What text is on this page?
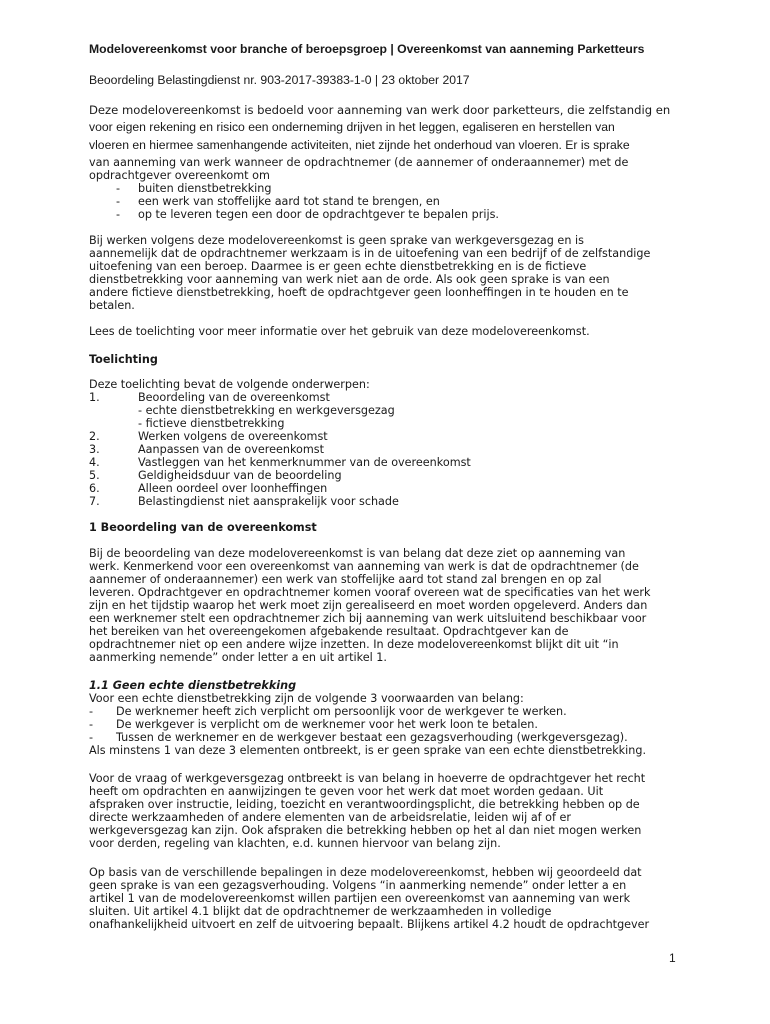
Modelovereenkomst voor branche of beroepsgroep | Overeenkomst van aanneming Parketteurs
Beoordeling Belastingdienst nr. 903-2017-39383-1-0 | 23 oktober 2017
Deze modelovereenkomst is bedoeld voor aanneming van werk door parketteurs, die zelfstandig en
voor eigen rekening en risico een onderneming drijven in het leggen, egaliseren en herstellen van
vloeren en hiermee samenhangende activiteiten, niet zijnde het onderhoud van vloeren. Er is sprake
van aanneming van werk wanneer de opdrachtnemer (de aannemer of onderaannemer) met de
opdrachtgever overeenkomt om
- buiten dienstbetrekking
- een werk van stoffelijke aard tot stand te brengen, en
- op te leveren tegen een door de opdrachtgever te bepalen prijs.
Bij werken volgens deze modelovereenkomst is geen sprake van werkgeversgezag en is
aannemelijk dat de opdrachtnemer werkzaam is in de uitoefening van een bedrijf of de zelfstandige
uitoefening van een beroep. Daarmee is er geen echte dienstbetrekking en is de fictieve
dienstbetrekking voor aanneming van werk niet aan de orde. Als ook geen sprake is van een
andere fictieve dienstbetrekking, hoeft de opdrachtgever geen loonheffingen in te houden en te
betalen.
Lees de toelichting voor meer informatie over het gebruik van deze modelovereenkomst.
Toelichting
Deze toelichting bevat de volgende onderwerpen:
1.	Beoordeling van de overeenkomst
- echte dienstbetrekking en werkgeversgezag
- fictieve dienstbetrekking
2.	Werken volgens de overeenkomst
3.	Aanpassen van de overeenkomst
4.	Vastleggen van het kenmerknummer van de overeenkomst
5.	Geldigheidsduur van de beoordeling
6.	Alleen oordeel over loonheffingen
7.	Belastingdienst niet aansprakelijk voor schade
1 Beoordeling van de overeenkomst
Bij de beoordeling van deze modelovereenkomst is van belang dat deze ziet op aanneming van
werk. Kenmerkend voor een overeenkomst van aanneming van werk is dat de opdrachtnemer (de
aannemer of onderaannemer) een werk van stoffelijke aard tot stand zal brengen en op zal
leveren. Opdrachtgever en opdrachtnemer komen vooraf overeen wat de specificaties van het werk
zijn en het tijdstip waarop het werk moet zijn gerealiseerd en moet worden opgeleverd. Anders dan
een werknemer stelt een opdrachtnemer zich bij aanneming van werk uitsluitend beschikbaar voor
het bereiken van het overeengekomen afgebakende resultaat. Opdrachtgever kan de
opdrachtnemer niet op een andere wijze inzetten. In deze modelovereenkomst blijkt dit uit “in
aanmerking nemende” onder letter a en uit artikel 1.
1.1 Geen echte dienstbetrekking
Voor een echte dienstbetrekking zijn de volgende 3 voorwaarden van belang:
- De werknemer heeft zich verplicht om persoonlijk voor de werkgever te werken.
- De werkgever is verplicht om de werknemer voor het werk loon te betalen.
- Tussen de werknemer en de werkgever bestaat een gezagsverhouding (werkgeversgezag).
Als minstens 1 van deze 3 elementen ontbreekt, is er geen sprake van een echte dienstbetrekking.
Voor de vraag of werkgeversgezag ontbreekt is van belang in hoeverre de opdrachtgever het recht
heeft om opdrachten en aanwijzingen te geven voor het werk dat moet worden gedaan. Uit
afspraken over instructie, leiding, toezicht en verantwoordingsplicht, die betrekking hebben op de
directe werkzaamheden of andere elementen van de arbeidsrelatie, leiden wij af of er
werkgeversgezag kan zijn. Ook afspraken die betrekking hebben op het al dan niet mogen werken
voor derden, regeling van klachten, e.d. kunnen hiervoor van belang zijn.
Op basis van de verschillende bepalingen in deze modelovereenkomst, hebben wij geoordeeld dat
geen sprake is van een gezagsverhouding. Volgens “in aanmerking nemende” onder letter a en
artikel 1 van de modelovereenkomst willen partijen een overeenkomst van aanneming van werk
sluiten. Uit artikel 4.1 blijkt dat de opdrachtnemer de werkzaamheden in volledige
onafhankelijkheid uitvoert en zelf de uitvoering bepaalt. Blijkens artikel 4.2 houdt de opdrachtgever
1
